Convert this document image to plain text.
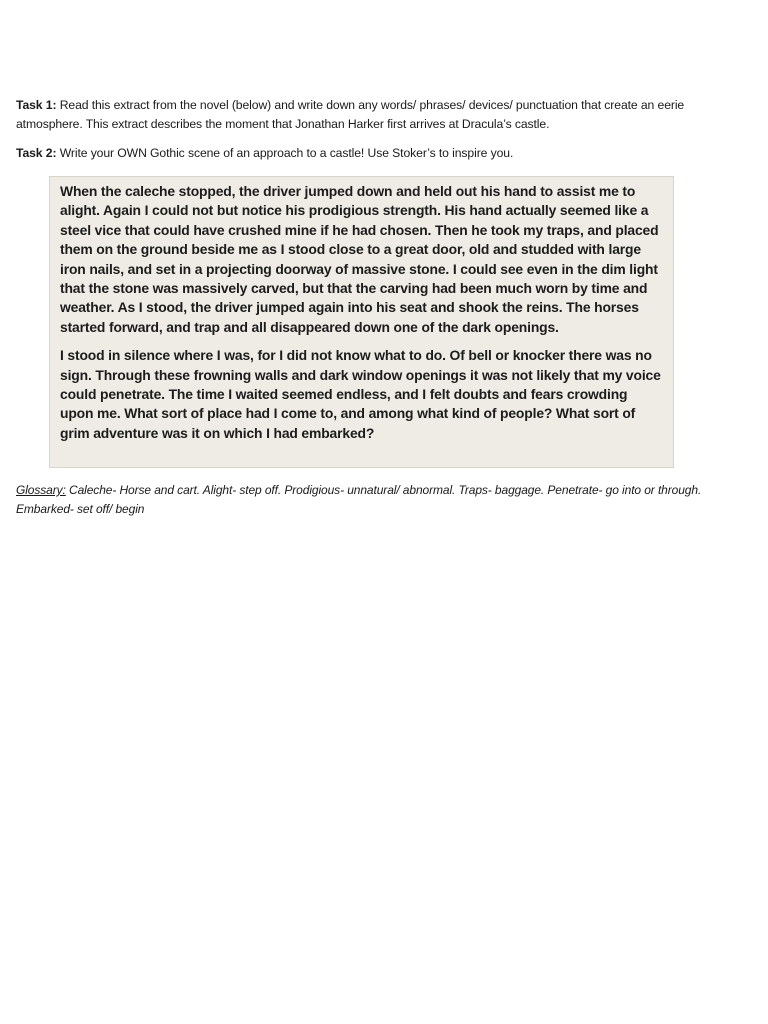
Task 1: Read this extract from the novel (below) and write down any words/ phrases/ devices/ punctuation that create an eerie atmosphere. This extract describes the moment that Jonathan Harker first arrives at Dracula’s castle.
Task 2: Write your OWN Gothic scene of an approach to a castle! Use Stoker’s to inspire you.

When the caleche stopped, the driver jumped down and held out his hand to assist me to alight. Again I could not but notice his prodigious strength. His hand actually seemed like a steel vice that could have crushed mine if he had chosen. Then he took my traps, and placed them on the ground beside me as I stood close to a great door, old and studded with large iron nails, and set in a projecting doorway of massive stone. I could see even in the dim light that the stone was massively carved, but that the carving had been much worn by time and weather. As I stood, the driver jumped again into his seat and shook the reins. The horses started forward, and trap and all disappeared down one of the dark openings.

I stood in silence where I was, for I did not know what to do. Of bell or knocker there was no sign. Through these frowning walls and dark window openings it was not likely that my voice could penetrate. The time I waited seemed endless, and I felt doubts and fears crowding upon me. What sort of place had I come to, and among what kind of people? What sort of grim adventure was it on which I had embarked?

Glossary: Caleche- Horse and cart. Alight- step off. Prodigious- unnatural/ abnormal. Traps- baggage. Penetrate- go into or through. Embarked- set off/ begin
